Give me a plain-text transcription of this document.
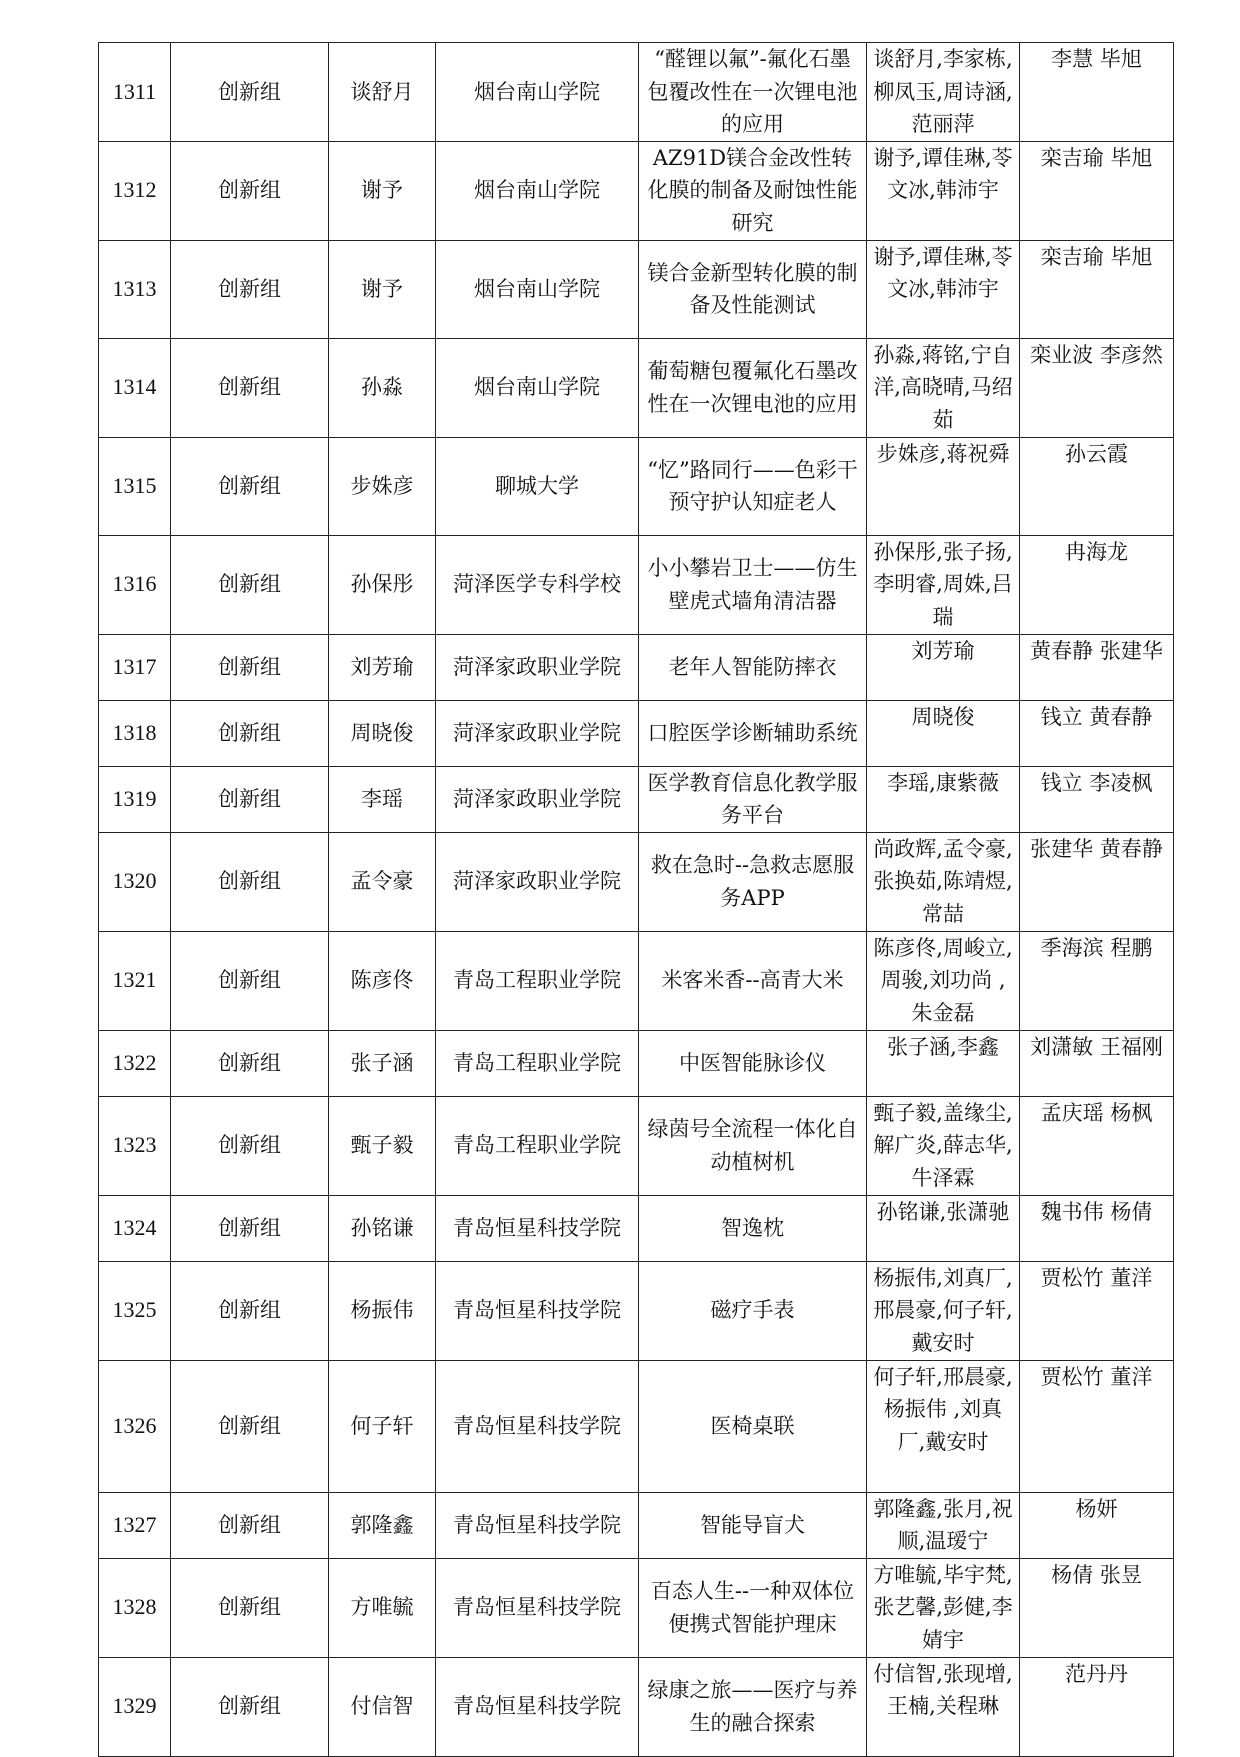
1311	创新组	谈舒月	烟台南山学院	“醛锂以氟”-氟化石墨包覆改性在一次锂电池的应用	谈舒月,李家栋,柳凤玉,周诗涵,范丽萍	李慧 毕旭
1312	创新组	谢予	烟台南山学院	AZ91D镁合金改性转化膜的制备及耐蚀性能研究	谢予,谭佳琳,苓文冰,韩沛宇	栾吉瑜 毕旭
1313	创新组	谢予	烟台南山学院	镁合金新型转化膜的制备及性能测试	谢予,谭佳琳,苓文冰,韩沛宇	栾吉瑜 毕旭
1314	创新组	孙淼	烟台南山学院	葡萄糖包覆氟化石墨改性在一次锂电池的应用	孙淼,蒋铭,宁自洋,高晓晴,马绍茹	栾业波 李彦然
1315	创新组	步姝彦	聊城大学	“忆”路同行——色彩干预守护认知症老人	步姝彦,蒋祝舜	孙云霞
1316	创新组	孙保彤	菏泽医学专科学校	小小攀岩卫士——仿生壁虎式墙角清洁器	孙保彤,张子扬,李明睿,周姝,吕瑞	冉海龙
1317	创新组	刘芳瑜	菏泽家政职业学院	老年人智能防摔衣	刘芳瑜	黄春静 张建华
1318	创新组	周晓俊	菏泽家政职业学院	口腔医学诊断辅助系统	周晓俊	钱立 黄春静
1319	创新组	李瑶	菏泽家政职业学院	医学教育信息化教学服务平台	李瑶,康紫薇	钱立 李凌枫
1320	创新组	孟令豪	菏泽家政职业学院	救在急时--急救志愿服务APP	尚政辉,孟令豪,张换茹,陈靖煜,常喆	张建华 黄春静
1321	创新组	陈彦佟	青岛工程职业学院	米客米香--高青大米	陈彦佟,周峻立,周骏,刘功尚 ,朱金磊	季海滨 程鹏
1322	创新组	张子涵	青岛工程职业学院	中医智能脉诊仪	张子涵,李鑫	刘潇敏 王福刚
1323	创新组	甄子毅	青岛工程职业学院	绿茵号全流程一体化自动植树机	甄子毅,盖缘尘,解广炎,薛志华,牛泽霖	孟庆瑶 杨枫
1324	创新组	孙铭谦	青岛恒星科技学院	智逸枕	孙铭谦,张潇驰	魏书伟 杨倩
1325	创新组	杨振伟	青岛恒星科技学院	磁疗手表	杨振伟,刘真厂,邢晨豪,何子轩,戴安时	贾松竹 董洋
1326	创新组	何子轩	青岛恒星科技学院	医椅桌联	何子轩,邢晨豪,杨振伟 ,刘真厂,戴安时	贾松竹 董洋
1327	创新组	郭隆鑫	青岛恒星科技学院	智能导盲犬	郭隆鑫,张月,祝顺,温瑷宁	杨妍
1328	创新组	方唯毓	青岛恒星科技学院	百态人生--一种双体位便携式智能护理床	方唯毓,毕宇梵,张艺馨,彭健,李婧宇	杨倩 张昱
1329	创新组	付信智	青岛恒星科技学院	绿康之旅——医疗与养生的融合探索	付信智,张现增,王楠,关程琳	范丹丹
